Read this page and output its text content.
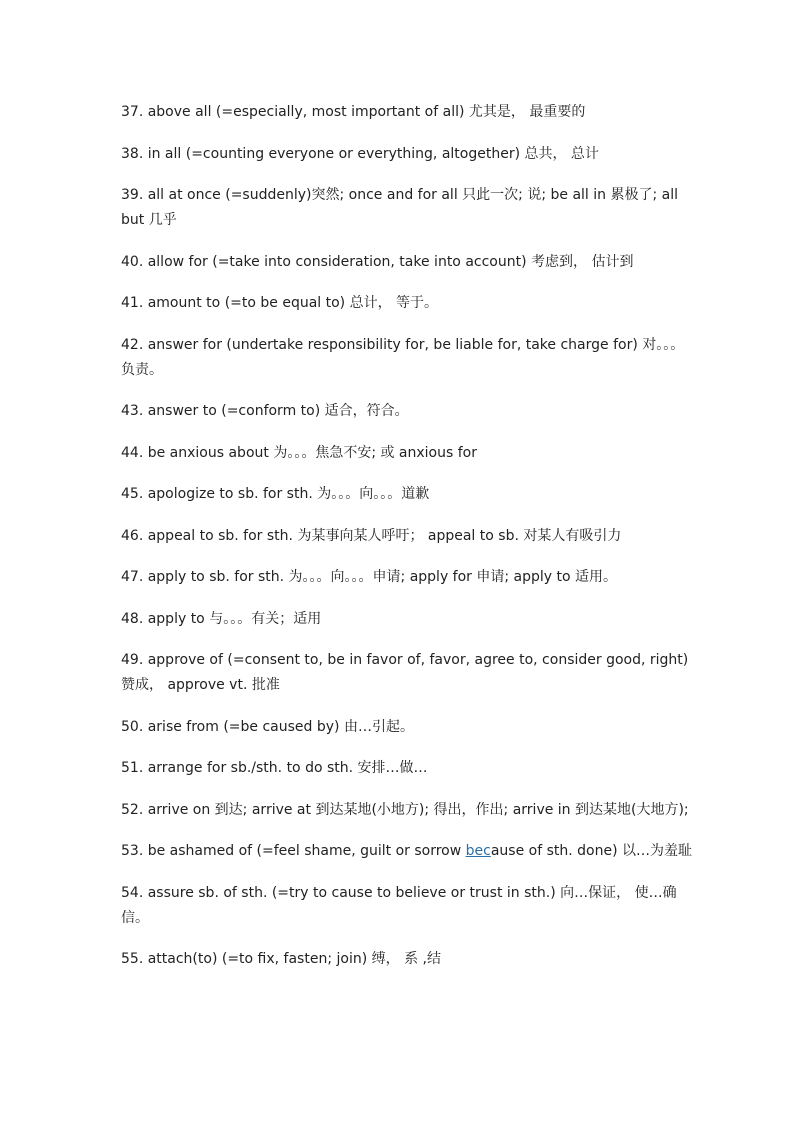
37. above all (=especially, most important of all) 尤其是， 最重要的

38. in all (=counting everyone or everything, altogether) 总共， 总计

39. all at once (=suddenly)突然; once and for all 只此一次; 说; be all in 累极了; all but 几乎

40. allow for (=take into consideration, take into account) 考虑到， 估计到

41. amount to (=to be equal to) 总计， 等于。

42. answer for (undertake responsibility for, be liable for, take charge for) 对。。。负责。

43. answer to (=conform to) 适合，符合。

44. be anxious about 为。。。焦急不安; 或 anxious for

45. apologize to sb. for sth. 为。。。向。。。道歉

46. appeal to sb. for sth. 为某事向某人呼吁； appeal to sb. 对某人有吸引力

47. apply to sb. for sth. 为。。。向。。。申请; apply for 申请; apply to 适用。

48. apply to 与。。。有关；适用

49. approve of (=consent to, be in favor of, favor, agree to, consider good, right) 赞成， approve vt. 批准

50. arise from (=be caused by) 由…引起。

51. arrange for sb./sth. to do sth. 安排…做…

52. arrive on 到达; arrive at 到达某地(小地方); 得出，作出; arrive in 到达某地(大地方);

53. be ashamed of (=feel shame, guilt or sorrow because of sth. done) 以…为羞耻

54. assure sb. of sth. (=try to cause to believe or trust in sth.) 向…保证， 使…确信。

55. attach(to) (=to fix, fasten; join) 缚， 系 ,结
